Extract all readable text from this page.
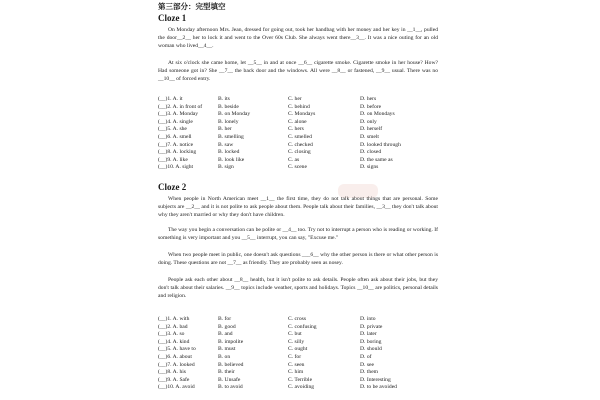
第三部分：完型填空
Cloze 1
On Monday afternoon Mrs. Jean, dressed for going out, took her handbag with her money and her key in __1__, pulled the door__2__ her to lock it and went to the Over 60s Club. She always went there__3__. It was a nice outing for an old woman who lived__4__.
At six o'clock she came home, let __5__ in and at once __6__ cigarette smoke. Cigarette smoke in her house? How? Had someone got in? She __7__ the back door and the windows. All were __8__ or fastened, __9__ usual. There was no __10__ of forced entry.
(__)1. A. it	B. its	C. her	D. hers
(__)2. A. in front of	B. beside	C. behind	D. before
(__)3. A. Monday	B. on Monday	C. Mondays	D. on Mondays
(__)4. A. single	B. lonely	C. alone	D. only
(__)5. A. she	B. her	C. hers	D. herself
(__)6. A. smell	B. smelling	C. smelled	D. smelt
(__)7. A. notice	B. saw	C. checked	D. looked through
(__)8. A. locking	B. locked	C. closing	D. closed
(__)9. A. like	B. look like	C. as	D. the same as
(__)10. A. sight	B. sign	C. scene	D. signs
Cloze 2
When people in North American meet __1__ the first time, they do not talk about things that are personal. Some subjects are __2__ and it is not polite to ask people about them. People talk about their families, __3__ they don't talk about why they aren't married or why they don't have children.
The way you begin a conversation can be polite or __4__ too. Try not to interrupt a person who is reading or working. If something is very important and you __5__ interrupt, you can say, "Excuse me."
When two people meet in public, one doesn't ask questions ___6__ why the other person is there or what other person is doing. These questions are not __7__ as friendly. They are probably seen as nosey.
People ask each other about __8__ health, but it isn't polite to ask details. People often ask about their jobs, but they don't talk about their salaries. __9__ topics include weather, sports and holidays. Topics __10__ are politics, personal details and religion.
(__)1. A. with	B. for	C. cross	D. into
(__)2. A. bad	B. good	C. confusing	D. private
(__)3. A. so	B. and	C. but	D. later
(__)4. A. kind	B. impolite	C. silly	D. boring
(__)5. A. have to	B. must	C. ought	D. should
(__)6. A. about	B. on	C. for	D. of
(__)7. A. looked	B. believed	C. seen	D. see
(__)8. A. his	B. their	C. him	D. them
(__)9. A. Safe	B. Unsafe	C. Terrible	D. Interesting
(__)10. A. avoid	B. to avoid	C. avoiding	D. to be avoided
